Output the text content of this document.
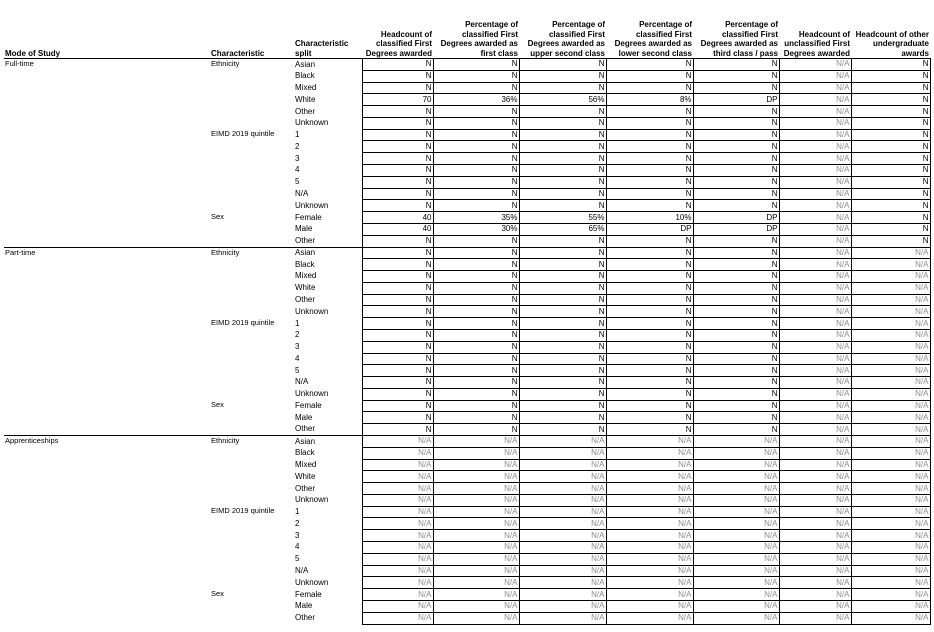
Mode of Study	Characteristic	Characteristic split	Headcount of classified First Degrees awarded	Percentage of classified First Degrees awarded as first class	Percentage of classified First Degrees awarded as upper second class	Percentage of classified First Degrees awarded as lower second class	Percentage of classified First Degrees awarded as third class / pass	Headcount of unclassified First Degrees awarded	Headcount of other undergraduate awards
Full-time	Ethnicity	Asian	N	N	N	N	N	N/A	N
		Black	N	N	N	N	N	N/A	N
		Mixed	N	N	N	N	N	N/A	N
		White	70	36%	56%	8%	DP	N/A	N
		Other	N	N	N	N	N	N/A	N
		Unknown	N	N	N	N	N	N/A	N
	EIMD 2019 quintile	1	N	N	N	N	N	N/A	N
		2	N	N	N	N	N	N/A	N
		3	N	N	N	N	N	N/A	N
		4	N	N	N	N	N	N/A	N
		5	N	N	N	N	N	N/A	N
		N/A	N	N	N	N	N	N/A	N
		Unknown	N	N	N	N	N	N/A	N
	Sex	Female	40	35%	55%	10%	DP	N/A	N
		Male	40	30%	65%	DP	DP	N/A	N
		Other	N	N	N	N	N	N/A	N
Part-time	Ethnicity	Asian	N	N	N	N	N	N/A	N/A
		Black	N	N	N	N	N	N/A	N/A
		Mixed	N	N	N	N	N	N/A	N/A
		White	N	N	N	N	N	N/A	N/A
		Other	N	N	N	N	N	N/A	N/A
		Unknown	N	N	N	N	N	N/A	N/A
	EIMD 2019 quintile	1	N	N	N	N	N	N/A	N/A
		2	N	N	N	N	N	N/A	N/A
		3	N	N	N	N	N	N/A	N/A
		4	N	N	N	N	N	N/A	N/A
		5	N	N	N	N	N	N/A	N/A
		N/A	N	N	N	N	N	N/A	N/A
		Unknown	N	N	N	N	N	N/A	N/A
	Sex	Female	N	N	N	N	N	N/A	N/A
		Male	N	N	N	N	N	N/A	N/A
		Other	N	N	N	N	N	N/A	N/A
Apprenticeships	Ethnicity	Asian	N/A	N/A	N/A	N/A	N/A	N/A	N/A
		Black	N/A	N/A	N/A	N/A	N/A	N/A	N/A
		Mixed	N/A	N/A	N/A	N/A	N/A	N/A	N/A
		White	N/A	N/A	N/A	N/A	N/A	N/A	N/A
		Other	N/A	N/A	N/A	N/A	N/A	N/A	N/A
		Unknown	N/A	N/A	N/A	N/A	N/A	N/A	N/A
	EIMD 2019 quintile	1	N/A	N/A	N/A	N/A	N/A	N/A	N/A
		2	N/A	N/A	N/A	N/A	N/A	N/A	N/A
		3	N/A	N/A	N/A	N/A	N/A	N/A	N/A
		4	N/A	N/A	N/A	N/A	N/A	N/A	N/A
		5	N/A	N/A	N/A	N/A	N/A	N/A	N/A
		N/A	N/A	N/A	N/A	N/A	N/A	N/A	N/A
		Unknown	N/A	N/A	N/A	N/A	N/A	N/A	N/A
	Sex	Female	N/A	N/A	N/A	N/A	N/A	N/A	N/A
		Male	N/A	N/A	N/A	N/A	N/A	N/A	N/A
		Other	N/A	N/A	N/A	N/A	N/A	N/A	N/A
